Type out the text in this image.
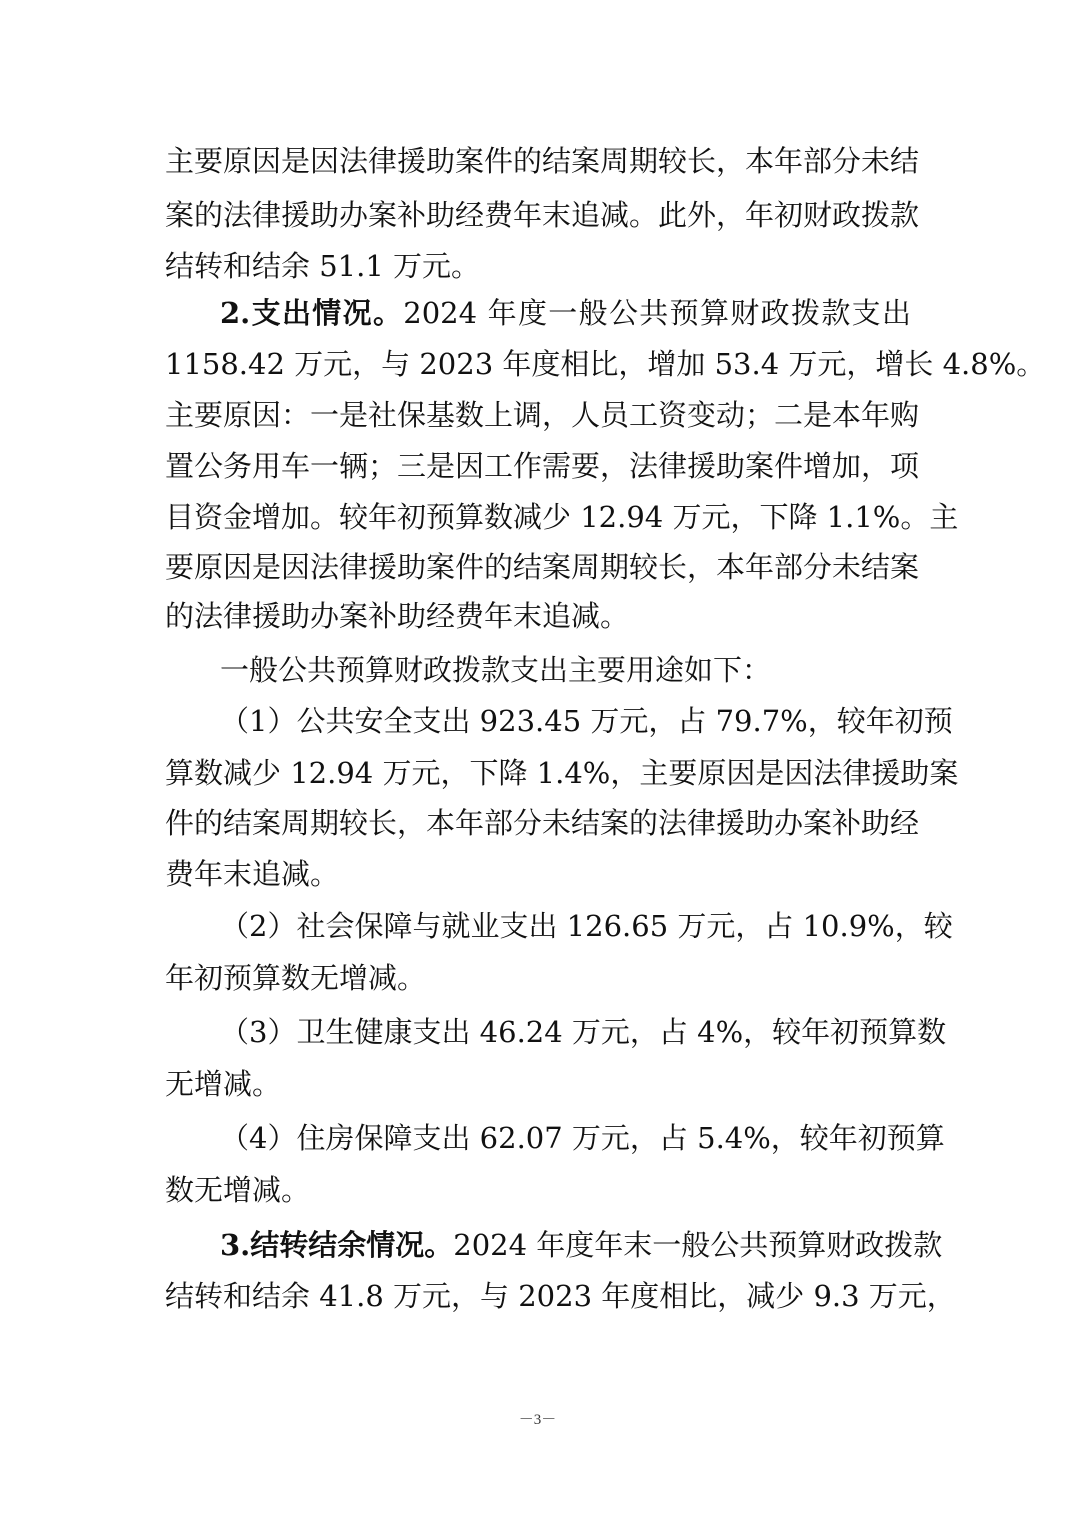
主要原因是因法律援助案件的结案周期较长，本年部分未结
案的法律援助办案补助经费年末追减。此外，年初财政拨款
结转和结余 51.1 万元。
2.支出情况。2024 年度一般公共预算财政拨款支出
1158.42 万元，与 2023 年度相比，增加 53.4 万元，增长 4.8%。
主要原因：一是社保基数上调，人员工资变动；二是本年购
置公务用车一辆；三是因工作需要，法律援助案件增加，项
目资金增加。较年初预算数减少 12.94 万元，下降 1.1%。主
要原因是因法律援助案件的结案周期较长，本年部分未结案
的法律援助办案补助经费年末追减。
一般公共预算财政拨款支出主要用途如下：
（1）公共安全支出 923.45 万元，占 79.7%，较年初预
算数减少 12.94 万元，下降 1.4%，主要原因是因法律援助案
件的结案周期较长，本年部分未结案的法律援助办案补助经
费年末追减。
（2）社会保障与就业支出 126.65 万元，占 10.9%，较
年初预算数无增减。
（3）卫生健康支出 46.24 万元，占 4%，较年初预算数
无增减。
（4）住房保障支出 62.07 万元，占 5.4%，较年初预算
数无增减。
3.结转结余情况。2024 年度年末一般公共预算财政拨款
结转和结余 41.8 万元，与 2023 年度相比，减少 9.3 万元，
－3－
